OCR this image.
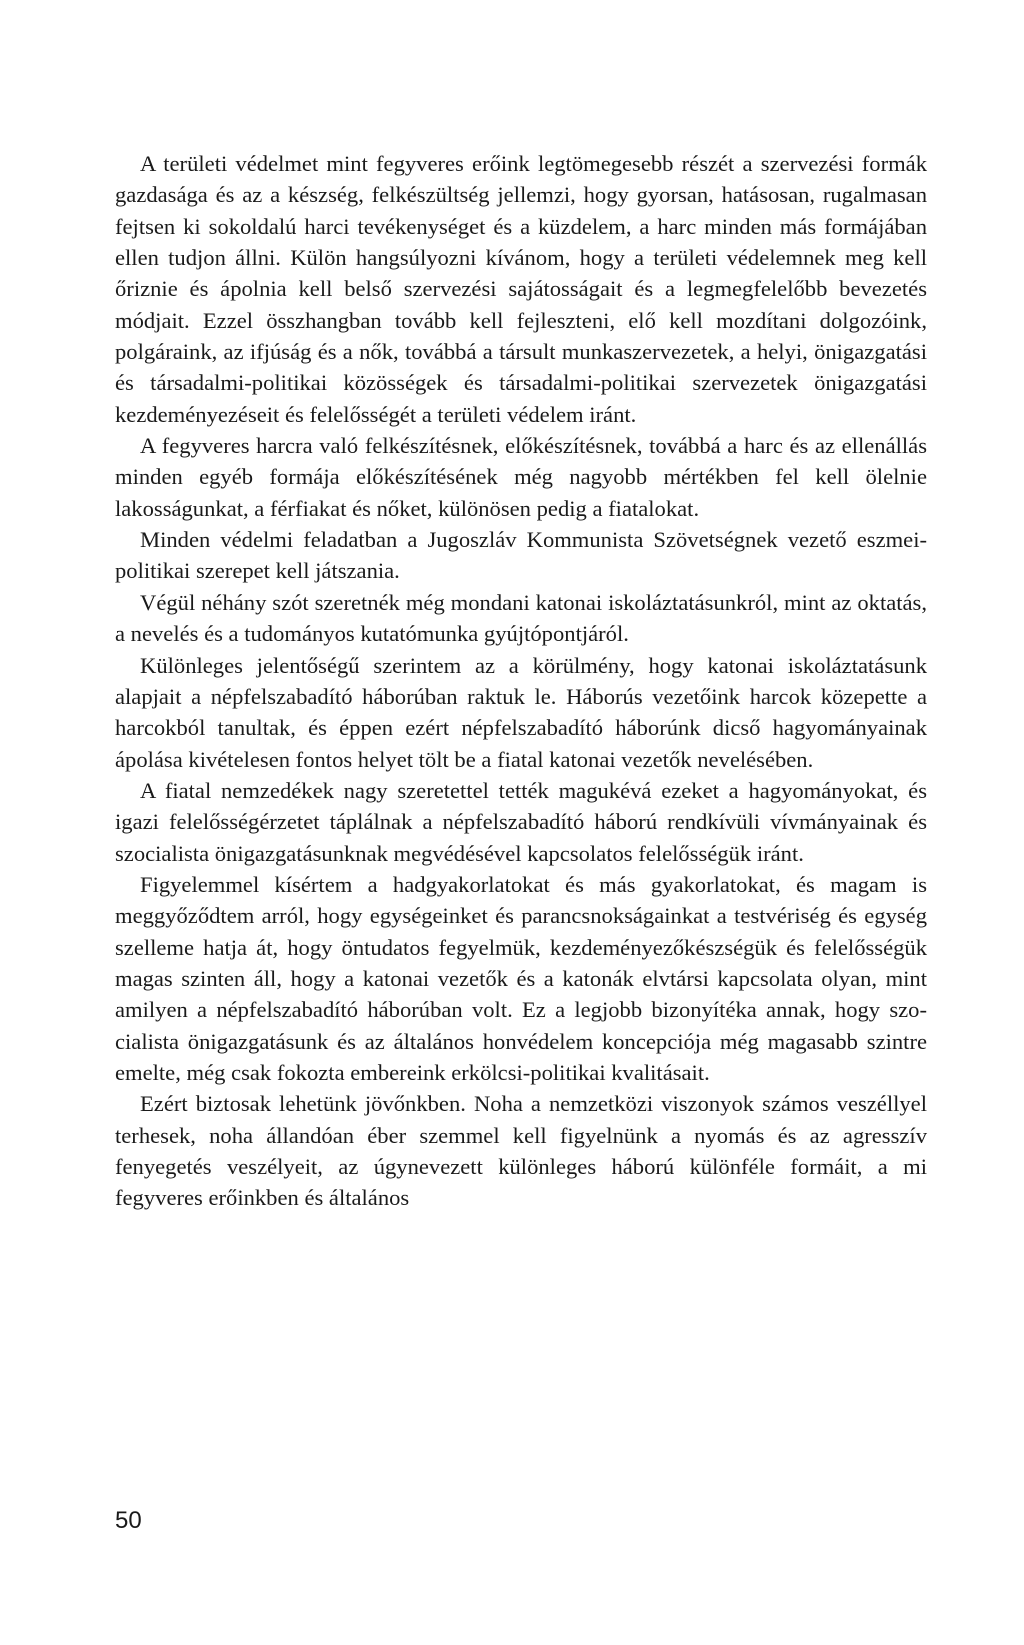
A területi védelmet mint fegyveres erőink legtömegesebb részét a szervezési formák gazdasága és az a készség, felkészültség jellemzi, hogy gyorsan, hatásosan, rugalmasan fejtsen ki sokoldalú harci tevékenységet és a küzdelem, a harc minden más formájában ellen tudjon állni. Külön hangsúlyozni kívánom, hogy a területi védelemnek meg kell őriznie és ápolnia kell belső szervezési sajátosságait és a legmegfelelőbb bevezetés módjait. Ezzel összhangban tovább kell fejleszteni, elő kell mozdítani dolgozóink, polgáraink, az ifjúság és a nők, továbbá a társult munkaszervezetek, a helyi, önigazgatási és társadalmi-politikai közösségek és társadalmi-politikai szervezetek önigazgatási kezdeményezéseit és felelősségét a területi védelem iránt.

A fegyveres harcra való felkészítésnek, előkészítésnek, továbbá a harc és az ellenállás minden egyéb formája előkészítésének még nagyobb mértékben fel kell ölelnie lakosságunkat, a férfiakat és nőket, különösen pedig a fiatalokat.

Minden védelmi feladatban a Jugoszláv Kommunista Szövetségnek vezető eszmei-politikai szerepet kell játszania.

Végül néhány szót szeretnék még mondani katonai iskoláztatásunkról, mint az oktatás, a nevelés és a tudományos kutatómunka gyújtópontjáról.

Különleges jelentőségű szerintem az a körülmény, hogy katonai iskoláztatásunk alapjait a népfelszabadító háborúban raktuk le. Háborús vezetőink harcok közepette a harcokból tanultak, és éppen ezért népfelszabadító háborúnk dicső hagyományainak ápolása kivételesen fontos helyet tölt be a fiatal katonai vezetők nevelésében.

A fiatal nemzedékek nagy szeretettel tették magukévá ezeket a hagyományokat, és igazi felelősségérzetet táplálnak a népfelszabadító háború rendkívüli vívmányainak és szocialista önigazgatásunknak megvédésével kapcsolatos felelősségük iránt.

Figyelemmel kísértem a hadgyakorlatokat és más gyakorlatokat, és magam is meggyőződtem arról, hogy egységeinket és parancsnokságainkat a testvériség és egység szelleme hatja át, hogy öntudatos fegyelmük, kezdeményezőkészségük és felelősségük magas szinten áll, hogy a katonai vezetők és a katonák elvtársi kapcsolata olyan, mint amilyen a népfelszabadító háborúban volt. Ez a legjobb bizonyítéka annak, hogy szocialista önigazgatásunk és az általános honvédelem koncepciója még magasabb szintre emelte, még csak fokozta embereink erkölcsi-politikai kvalitásait.

Ezért biztosak lehetünk jövőnkben. Noha a nemzetközi viszonyok számos veszéllyel terhesek, noha állandóan éber szemmel kell figyelnünk a nyomás és az agresszív fenyegetés veszélyeit, az úgynevezett különleges háború különféle formáit, a mi fegyveres erőinkben és általános

50
